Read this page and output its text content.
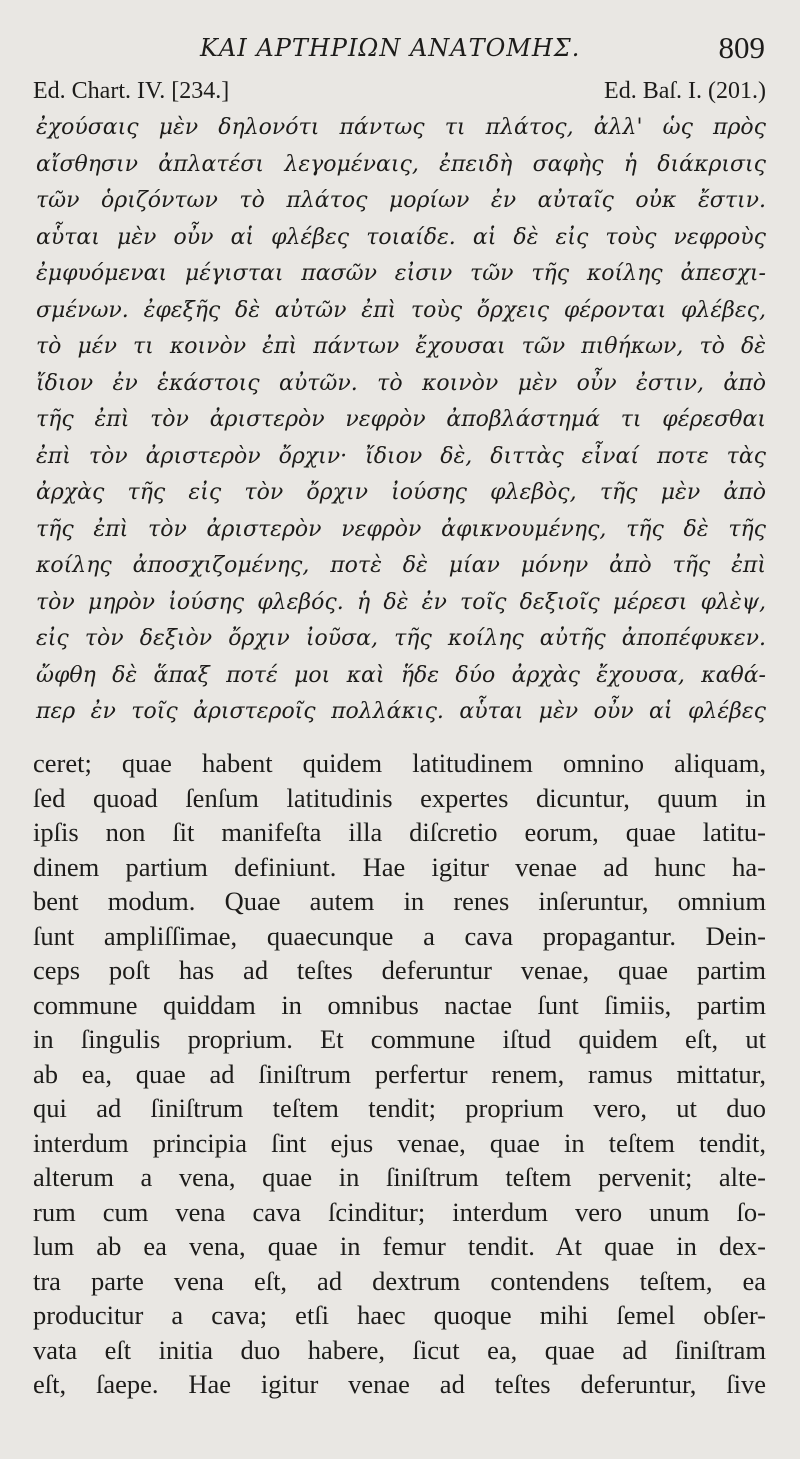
ΚΑΙ ΑΡΤΗΡΙΩΝ ΑΝΑΤΟΜΗΣ.	809
Ed. Chart. IV. [234.]	Ed. Baſ. I. (201.)
ἐχούσαις μὲν δηλονότι πάντως τι πλάτος, ἀλλ' ὡς πρὸς
αἴσθησιν ἀπλατέσι λεγομέναις, ἐπειδὴ σαφὴς ἡ διάκρισις
τῶν ὁριζόντων τὸ πλάτος μορίων ἐν αὐταῖς οὐκ ἔστιν.
αὗται μὲν οὖν αἱ φλέβες τοιαίδε. αἱ δὲ εἰς τοὺς νεφροὺς
ἐμφυόμεναι μέγισται πασῶν εἰσιν τῶν τῆς κοίλης ἀπεσχι-
σμένων. ἐφεξῆς δὲ αὐτῶν ἐπὶ τοὺς ὄρχεις φέρονται φλέβες,
τὸ μέν τι κοινὸν ἐπὶ πάντων ἔχουσαι τῶν πιθήκων, τὸ δὲ
ἴδιον ἐν ἑκάστοις αὐτῶν. τὸ κοινὸν μὲν οὖν ἐστιν, ἀπὸ
τῆς ἐπὶ τὸν ἀριστερὸν νεφρὸν ἀποβλάστημά τι φέρεσθαι
ἐπὶ τὸν ἀριστερὸν ὄρχιν· ἴδιον δὲ, διττὰς εἶναί ποτε τὰς
ἀρχὰς τῆς εἰς τὸν ὄρχιν ἰούσης φλεβὸς, τῆς μὲν ἀπὸ
τῆς ἐπὶ τὸν ἀριστερὸν νεφρὸν ἀφικνουμένης, τῆς δὲ τῆς
κοίλης ἀποσχιζομένης, ποτὲ δὲ μίαν μόνην ἀπὸ τῆς ἐπὶ
τὸν μηρὸν ἰούσης φλεβός. ἡ δὲ ἐν τοῖς δεξιοῖς μέρεσι φλὲψ,
εἰς τὸν δεξιὸν ὄρχιν ἰοῦσα, τῆς κοίλης αὐτῆς ἀποπέφυκεν.
ὤφθη δὲ ἅπαξ ποτέ μοι καὶ ἥδε δύο ἀρχὰς ἔχουσα, καθά-
περ ἐν τοῖς ἀριστεροῖς πολλάκις. αὗται μὲν οὖν αἱ φλέβες
ceret; quae habent quidem latitudinem omnino aliquam,
ſed quoad ſenſum latitudinis expertes dicuntur, quum in
ipſis non ſit manifeſta illa diſcretio eorum, quae latitu-
dinem partium definiunt. Hae igitur venae ad hunc ha-
bent modum. Quae autem in renes inſeruntur, omnium
ſunt ampliſſimae, quaecunque a cava propagantur. Dein-
ceps poſt has ad teſtes deferuntur venae, quae partim
commune quiddam in omnibus nactae ſunt ſimiis, partim
in ſingulis proprium. Et commune iſtud quidem eſt, ut
ab ea, quae ad ſiniſtrum perfertur renem, ramus mittatur,
qui ad ſiniſtrum teſtem tendit; proprium vero, ut duo
interdum principia ſint ejus venae, quae in teſtem tendit,
alterum a vena, quae in ſiniſtrum teſtem pervenit; alte-
rum cum vena cava ſcinditur; interdum vero unum ſo-
lum ab ea vena, quae in femur tendit. At quae in dex-
tra parte vena eſt, ad dextrum contendens teſtem, ea
producitur a cava; etſi haec quoque mihi ſemel obſer-
vata eſt initia duo habere, ſicut ea, quae ad ſiniſtram
eſt, ſaepe. Hae igitur venae ad teſtes deferuntur, ſive
